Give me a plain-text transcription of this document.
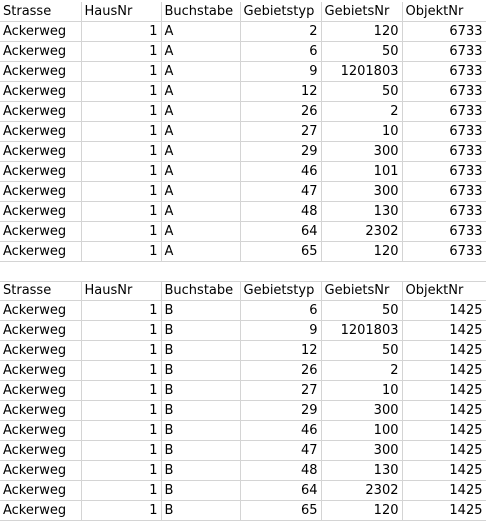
Strasse	HausNr	Buchstabe	Gebietstyp	GebietsNr	ObjektNr
Ackerweg	1	A	2	120	6733
Ackerweg	1	A	6	50	6733
Ackerweg	1	A	9	1201803	6733
Ackerweg	1	A	12	50	6733
Ackerweg	1	A	26	2	6733
Ackerweg	1	A	27	10	6733
Ackerweg	1	A	29	300	6733
Ackerweg	1	A	46	101	6733
Ackerweg	1	A	47	300	6733
Ackerweg	1	A	48	130	6733
Ackerweg	1	A	64	2302	6733
Ackerweg	1	A	65	120	6733
Strasse	HausNr	Buchstabe	Gebietstyp	GebietsNr	ObjektNr
Ackerweg	1	B	6	50	1425
Ackerweg	1	B	9	1201803	1425
Ackerweg	1	B	12	50	1425
Ackerweg	1	B	26	2	1425
Ackerweg	1	B	27	10	1425
Ackerweg	1	B	29	300	1425
Ackerweg	1	B	46	100	1425
Ackerweg	1	B	47	300	1425
Ackerweg	1	B	48	130	1425
Ackerweg	1	B	64	2302	1425
Ackerweg	1	B	65	120	1425
